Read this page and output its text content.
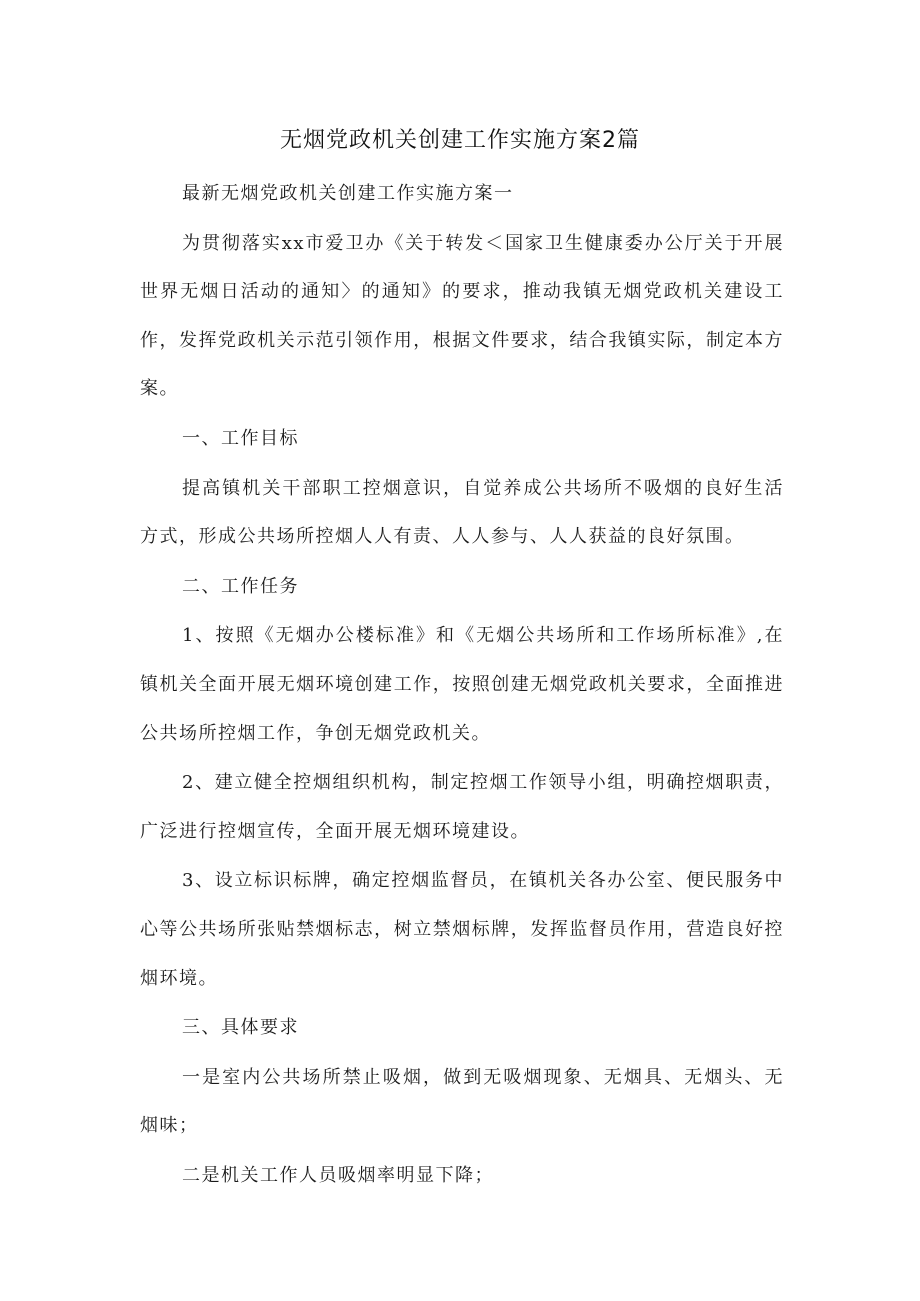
无烟党政机关创建工作实施方案2篇

最新无烟党政机关创建工作实施方案一

为贯彻落实xx市爱卫办《关于转发＜国家卫生健康委办公厅关于开展世界无烟日活动的通知〉的通知》的要求，推动我镇无烟党政机关建设工作，发挥党政机关示范引领作用，根据文件要求，结合我镇实际，制定本方案。

一、工作目标

提高镇机关干部职工控烟意识，自觉养成公共场所不吸烟的良好生活方式，形成公共场所控烟人人有责、人人参与、人人获益的良好氛围。

二、工作任务

1、按照《无烟办公楼标准》和《无烟公共场所和工作场所标准》,在镇机关全面开展无烟环境创建工作，按照创建无烟党政机关要求，全面推进公共场所控烟工作，争创无烟党政机关。

2、建立健全控烟组织机构，制定控烟工作领导小组，明确控烟职责，广泛进行控烟宣传，全面开展无烟环境建设。

3、设立标识标牌，确定控烟监督员，在镇机关各办公室、便民服务中心等公共场所张贴禁烟标志，树立禁烟标牌，发挥监督员作用，营造良好控烟环境。

三、具体要求

一是室内公共场所禁止吸烟，做到无吸烟现象、无烟具、无烟头、无烟味；

二是机关工作人员吸烟率明显下降；
